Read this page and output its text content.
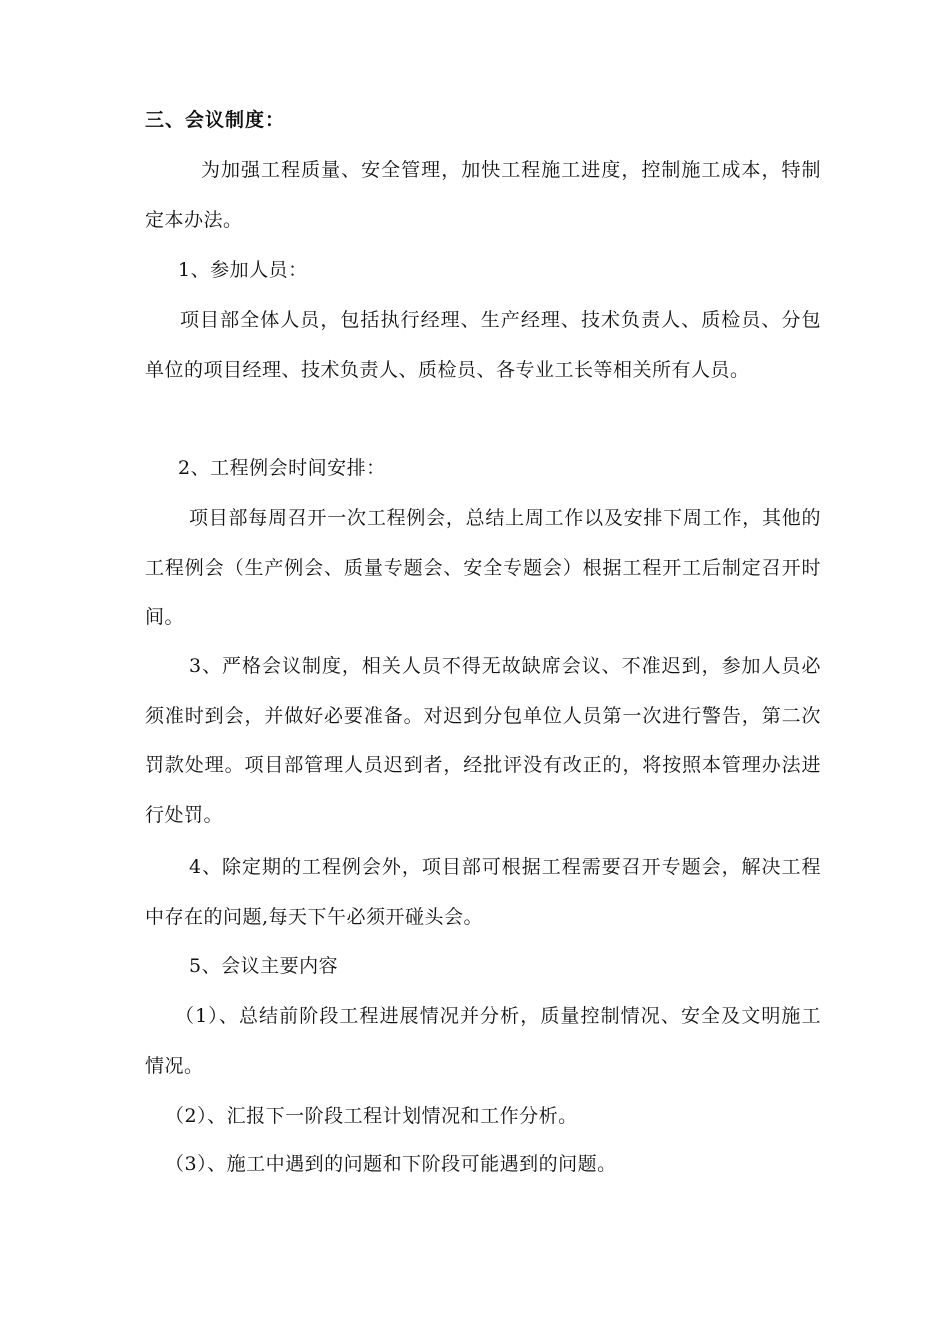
三、会议制度：

为加强工程质量、安全管理，加快工程施工进度，控制施工成本，特制定本办法。

1、参加人员：

项目部全体人员，包括执行经理、生产经理、技术负责人、质检员、分包单位的项目经理、技术负责人、质检员、各专业工长等相关所有人员。

2、工程例会时间安排：

项目部每周召开一次工程例会，总结上周工作以及安排下周工作，其他的工程例会（生产例会、质量专题会、安全专题会）根据工程开工后制定召开时间。

3、严格会议制度，相关人员不得无故缺席会议、不准迟到，参加人员必须准时到会，并做好必要准备。对迟到分包单位人员第一次进行警告，第二次罚款处理。项目部管理人员迟到者，经批评没有改正的，将按照本管理办法进行处罚。

4、除定期的工程例会外，项目部可根据工程需要召开专题会，解决工程中存在的问题,每天下午必须开碰头会。

5、会议主要内容

（1）、总结前阶段工程进展情况并分析，质量控制情况、安全及文明施工情况。

（2）、汇报下一阶段工程计划情况和工作分析。

（3）、施工中遇到的问题和下阶段可能遇到的问题。
